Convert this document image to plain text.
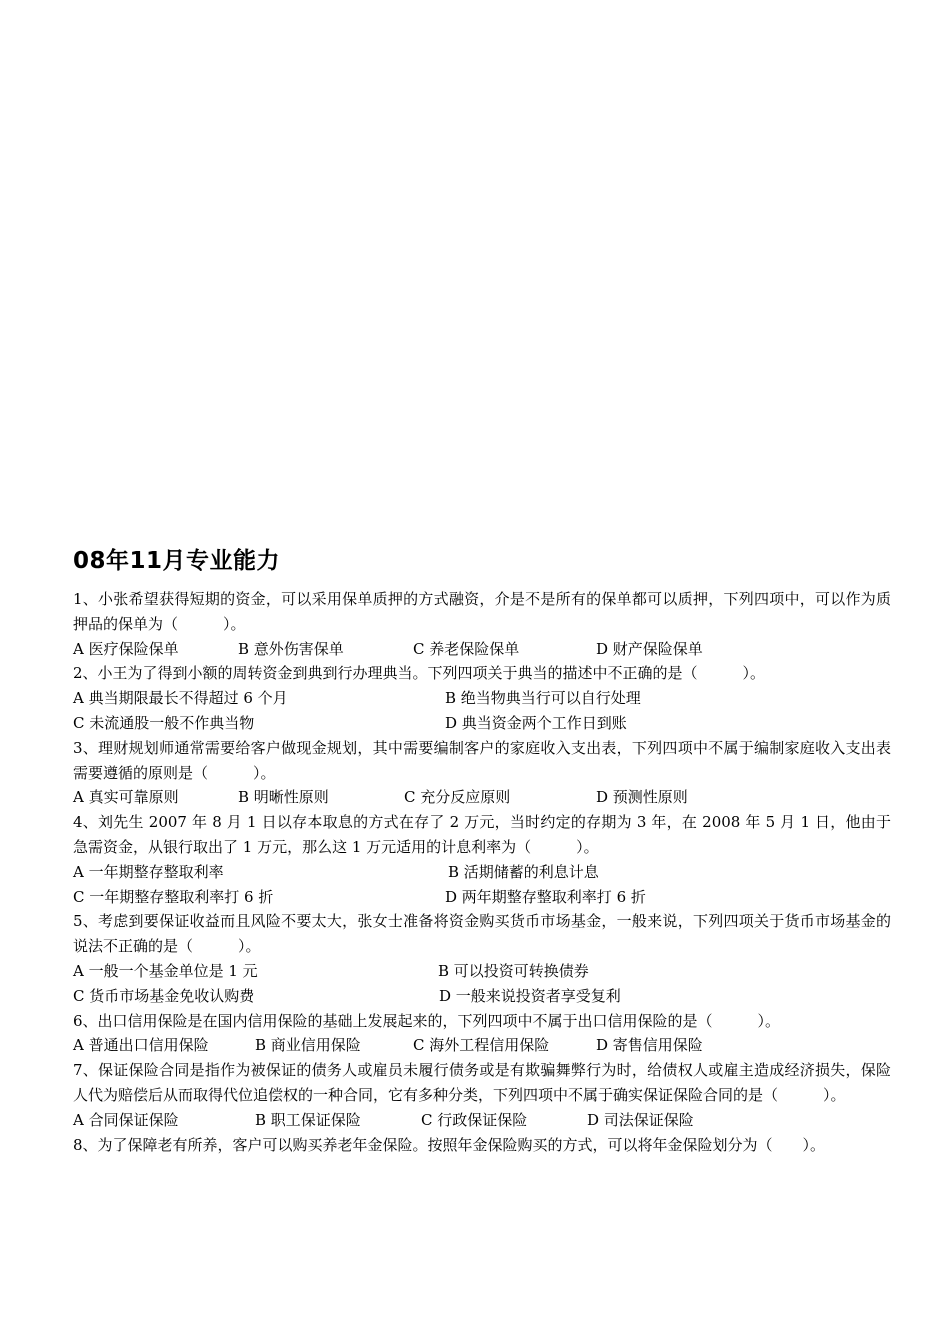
08年11月专业能力

1、小张希望获得短期的资金，可以采用保单质押的方式融资，介是不是所有的保单都可以质押，下列四项中，可以作为质押品的保单为（　　　）。

A 医疗保险保单	B 意外伤害保单	C 养老保险保单	D 财产保险保单

2、小王为了得到小额的周转资金到典到行办理典当。下列四项关于典当的描述中不正确的是（　　　）。

A 典当期限最长不得超过 6 个月	B 绝当物典当行可以自行处理
C 未流通股一般不作典当物	D 典当资金两个工作日到账

3、理财规划师通常需要给客户做现金规划，其中需要编制客户的家庭收入支出表，下列四项中不属于编制家庭收入支出表需要遵循的原则是（　　　）。

A 真实可靠原则	B 明晰性原则	C 充分反应原则	D 预测性原则

4、刘先生 2007 年 8 月 1 日以存本取息的方式在存了 2 万元，当时约定的存期为 3 年，在 2008 年 5 月 1 日，他由于急需资金，从银行取出了 1 万元，那么这 1 万元适用的计息利率为（　　　）。

A 一年期整存整取利率	B 活期储蓄的利息计息
C 一年期整存整取利率打 6 折	D 两年期整存整取利率打 6 折

5、考虑到要保证收益而且风险不要太大，张女士准备将资金购买货币市场基金，一般来说，下列四项关于货币市场基金的说法不正确的是（　　　）。

A 一般一个基金单位是 1 元	B 可以投资可转换债券
C 货币市场基金免收认购费	D 一般来说投资者享受复利

6、出口信用保险是在国内信用保险的基础上发展起来的，下列四项中不属于出口信用保险的是（　　　）。

A 普通出口信用保险	B 商业信用保险	C 海外工程信用保险	D 寄售信用保险

7、保证保险合同是指作为被保证的债务人或雇员未履行债务或是有欺骗舞弊行为时，给债权人或雇主造成经济损失，保险人代为赔偿后从而取得代位追偿权的一种合同，它有多种分类，下列四项中不属于确实保证保险合同的是（　　　）。

A 合同保证保险	B 职工保证保险	C 行政保证保险	D 司法保证保险

8、为了保障老有所养，客户可以购买养老年金保险。按照年金保险购买的方式，可以将年金保险划分为（　　）。
